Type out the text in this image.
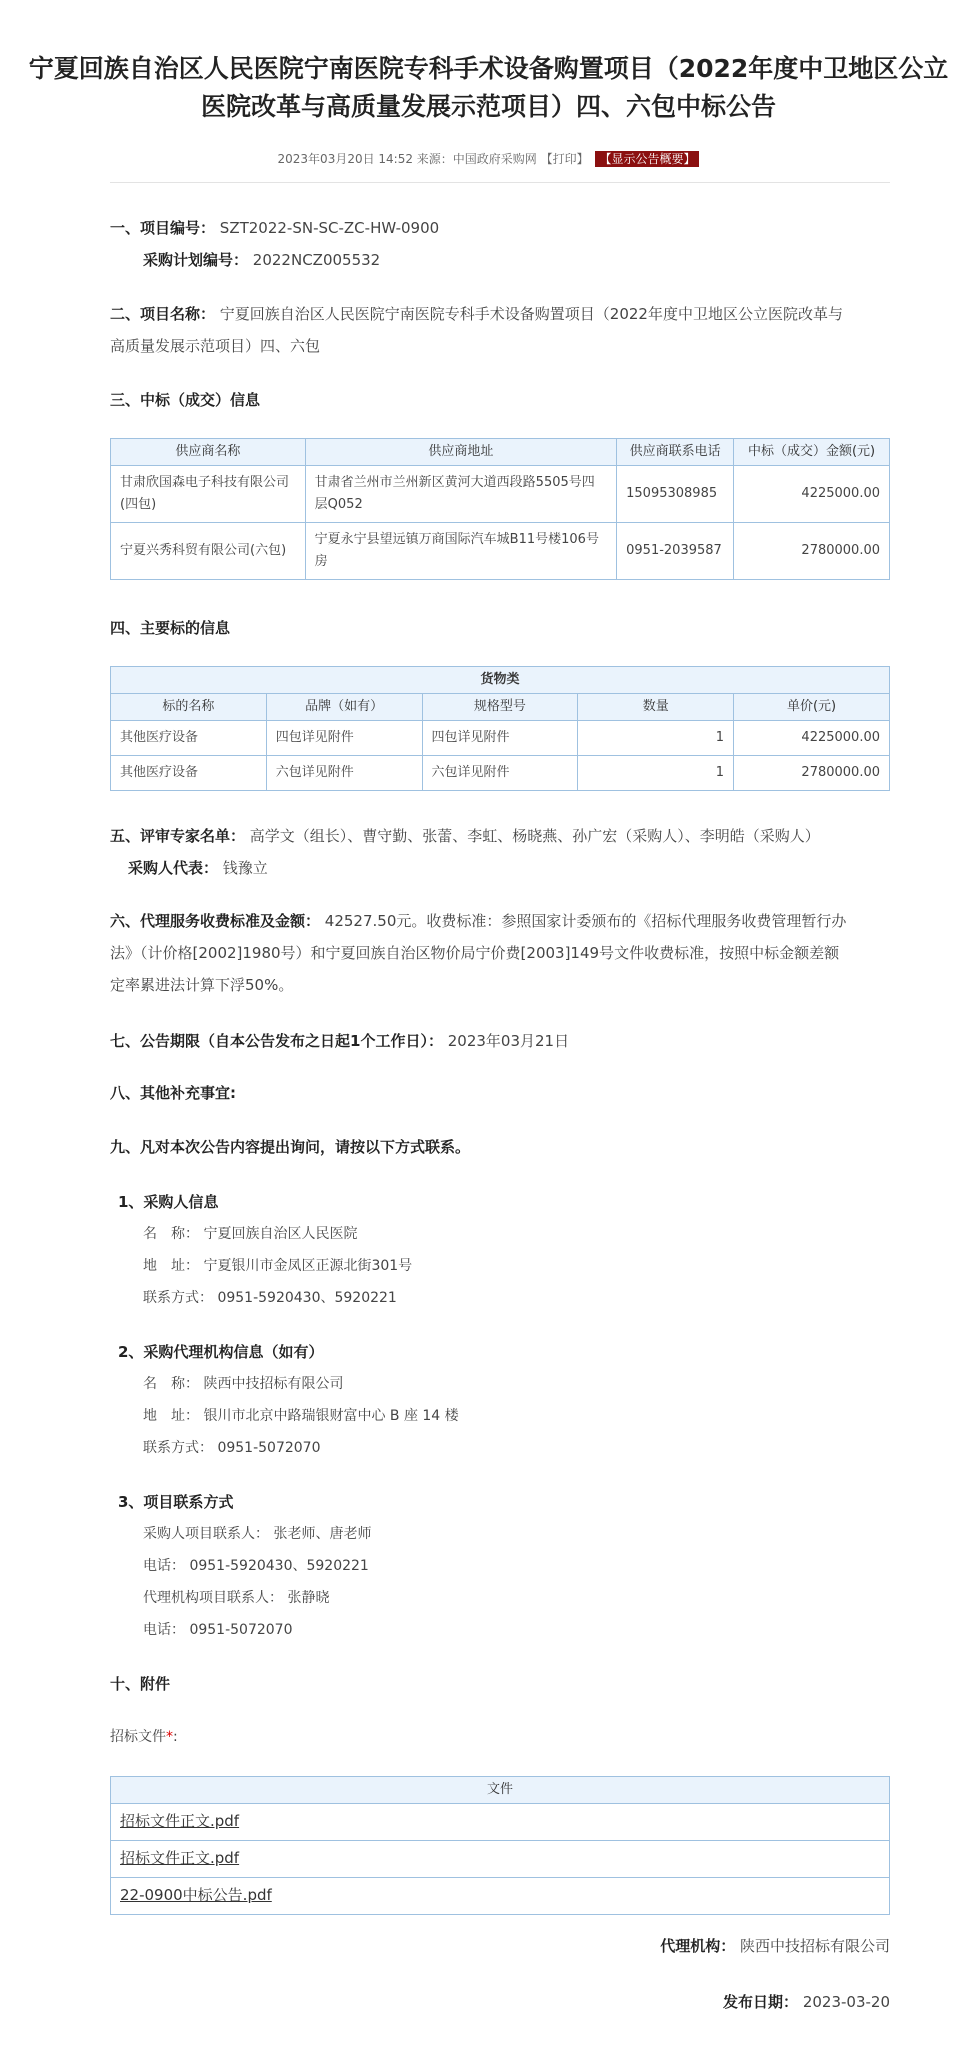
宁夏回族自治区人民医院宁南医院专科手术设备购置项目（2022年度中卫地区公立
医院改革与高质量发展示范项目）四、六包中标公告
2023年03月20日 14:52 来源：中国政府采购网 【打印】 【显示公告概要】
一、项目编号： SZT2022-SN-SC-ZC-HW-0900
采购计划编号： 2022NCZ005532
二、项目名称： 宁夏回族自治区人民医院宁南医院专科手术设备购置项目（2022年度中卫地区公立医院改革与
高质量发展示范项目）四、六包
三、中标（成交）信息
供应商名称	供应商地址	供应商联系电话	中标（成交）金额(元)
甘肃欣国森电子科技有限公司(四包)	甘肃省兰州市兰州新区黄河大道西段路5505号四层Q052	15095308985	4225000.00
宁夏兴秀科贸有限公司(六包)	宁夏永宁县望远镇万商国际汽车城B11号楼106号房	0951-2039587	2780000.00
四、主要标的信息
货物类				
标的名称	品牌（如有）	规格型号	数量	单价(元)
其他医疗设备	四包详见附件	四包详见附件	1	4225000.00
其他医疗设备	六包详见附件	六包详见附件	1	2780000.00
五、评审专家名单： 高学文（组长）、曹守勤、张蕾、李虹、杨晓燕、孙广宏（采购人）、李明皓（采购人）
采购人代表： 钱豫立
六、代理服务收费标准及金额： 42527.50元。收费标准：参照国家计委颁布的《招标代理服务收费管理暂行办
法》（计价格[2002]1980号）和宁夏回族自治区物价局宁价费[2003]149号文件收费标准，按照中标金额差额
定率累进法计算下浮50%。
七、公告期限（自本公告发布之日起1个工作日）： 2023年03月21日
八、其他补充事宜:
九、凡对本次公告内容提出询问，请按以下方式联系。
1、采购人信息
名　称： 宁夏回族自治区人民医院
地　址： 宁夏银川市金凤区正源北街301号
联系方式： 0951-5920430、5920221
2、采购代理机构信息（如有）
名　称： 陕西中技招标有限公司
地　址： 银川市北京中路瑞银财富中心 B 座 14 楼
联系方式： 0951-5072070
3、项目联系方式
采购人项目联系人： 张老师、唐老师
电话： 0951-5920430、5920221
代理机构项目联系人： 张静晓
电话： 0951-5072070
十、附件
招标文件*:
文件
招标文件正文.pdf
招标文件正文.pdf
22-0900中标公告.pdf
代理机构： 陕西中技招标有限公司
发布日期： 2023-03-20
